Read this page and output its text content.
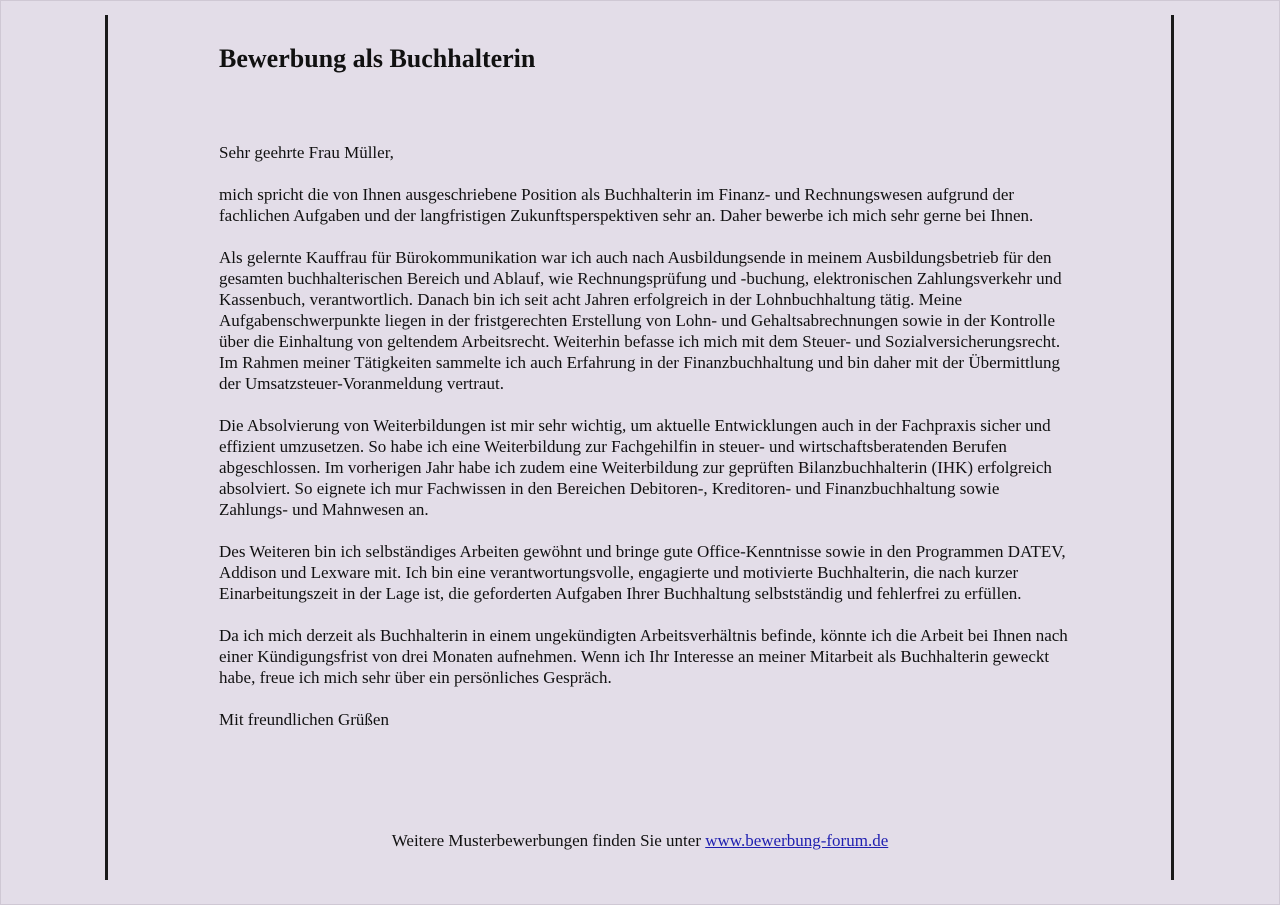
Bewerbung als Buchhalterin

Sehr geehrte Frau Müller,

mich spricht die von Ihnen ausgeschriebene Position als Buchhalterin im Finanz- und Rechnungswesen aufgrund der fachlichen Aufgaben und der langfristigen Zukunftsperspektiven sehr an. Daher bewerbe ich mich sehr gerne bei Ihnen.

Als gelernte Kauffrau für Bürokommunikation war ich auch nach Ausbildungsende in meinem Ausbildungsbetrieb für den gesamten buchhalterischen Bereich und Ablauf, wie Rechnungsprüfung und -buchung, elektronischen Zahlungsverkehr und Kassenbuch, verantwortlich. Danach bin ich seit acht Jahren erfolgreich in der Lohnbuchhaltung tätig. Meine Aufgabenschwerpunkte liegen in der fristgerechten Erstellung von Lohn- und Gehaltsabrechnungen sowie in der Kontrolle über die Einhaltung von geltendem Arbeitsrecht. Weiterhin befasse ich mich mit dem Steuer- und Sozialversicherungsrecht. Im Rahmen meiner Tätigkeiten sammelte ich auch Erfahrung in der Finanzbuchhaltung und bin daher mit der Übermittlung der Umsatzsteuer-Voranmeldung vertraut.

Die Absolvierung von Weiterbildungen ist mir sehr wichtig, um aktuelle Entwicklungen auch in der Fachpraxis sicher und effizient umzusetzen. So habe ich eine Weiterbildung zur Fachgehilfin in steuer- und wirtschaftsberatenden Berufen abgeschlossen. Im vorherigen Jahr habe ich zudem eine Weiterbildung zur geprüften Bilanzbuchhalterin (IHK) erfolgreich absolviert. So eignete ich mur Fachwissen in den Bereichen Debitoren-, Kreditoren- und Finanzbuchhaltung sowie Zahlungs- und Mahnwesen an.

Des Weiteren bin ich selbständiges Arbeiten gewöhnt und bringe gute Office-Kenntnisse sowie in den Programmen DATEV, Addison und Lexware mit. Ich bin eine verantwortungsvolle, engagierte und motivierte Buchhalterin, die nach kurzer Einarbeitungszeit in der Lage ist, die geforderten Aufgaben Ihrer Buchhaltung selbstständig und fehlerfrei zu erfüllen.

Da ich mich derzeit als Buchhalterin in einem ungekündigten Arbeitsverhältnis befinde, könnte ich die Arbeit bei Ihnen nach einer Kündigungsfrist von drei Monaten aufnehmen. Wenn ich Ihr Interesse an meiner Mitarbeit als Buchhalterin geweckt habe, freue ich mich sehr über ein persönliches Gespräch.

Mit freundlichen Grüßen

Weitere Musterbewerbungen finden Sie unter www.bewerbung-forum.de
